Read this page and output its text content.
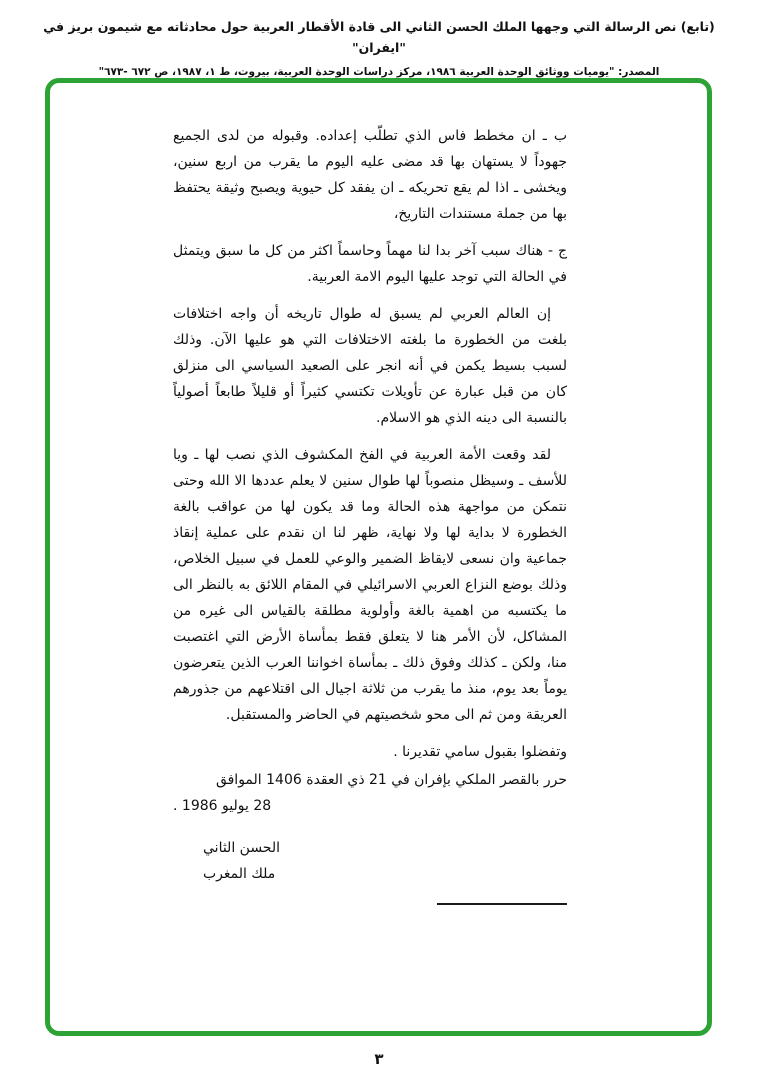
(تابع) نص الرسالة التي وجهها الملك الحسن الثاني الى قادة الأقطار العربية حول محادثاته مع شيمون بريز في "ايفران"
المصدر: "يوميات ووثائق الوحدة العربية ١٩٨٦، مركز دراسات الوحدة العربية، بيروت، ط ١، ١٩٨٧، ص ٦٧٢ -٦٧٣"

ب ـ ان مخطط فاس الذي تطلّب إعداده. وقبوله من لدى الجميع جهوداً لا يستهان بها قد مضى عليه اليوم ما يقرب من اربع سنين، ويخشى ـ اذا لم يقع تحريكه ـ ان يفقد كل حيوية ويصبح وثيقة يحتفظ بها من جملة مستندات التاريخ،

ج - هناك سبب آخر بدا لنا مهماً وحاسماً اكثر من كل ما سبق ويتمثل في الحالة التي توجد عليها اليوم الامة العربية.

إن العالم العربي لم يسبق له طوال تاريخه أن واجه اختلافات بلغت من الخطورة ما بلغته الاختلافات التي هو عليها الآن. وذلك لسبب بسيط يكمن في أنه انجر على الصعيد السياسي الى منزلق كان من قبل عبارة عن تأويلات تكتسي كثيراً أو قليلاً طابعاً أصولياً بالنسبة الى دينه الذي هو الاسلام.

لقد وقعت الأمة العربية في الفخ المكشوف الذي نصب لها ـ ويا للأسف ـ وسيظل منصوباً لها طوال سنين لا يعلم عددها الا الله وحتى نتمكن من مواجهة هذه الحالة وما قد يكون لها من عواقب بالغة الخطورة لا بداية لها ولا نهاية، ظهر لنا ان نقدم على عملية إنقاذ جماعية وان نسعى لايقاظ الضمير والوعي للعمل في سبيل الخلاص، وذلك بوضع النزاع العربي الاسرائيلي في المقام اللائق به بالنظر الى ما يكتسبه من اهمية بالغة وأولوية مطلقة بالقياس الى غيره من المشاكل، لأن الأمر هنا لا يتعلق فقط بمأساة الأرض التي اغتصبت منا، ولكن ـ كذلك وفوق ذلك ـ بمأساة اخواننا العرب الذين يتعرضون يوماً بعد يوم، منذ ما يقرب من ثلاثة اجيال الى اقتلاعهم من جذورهم العريقة ومن ثم الى محو شخصيتهم في الحاضر والمستقبل.

وتفضلوا بقبول سامي تقديرنا .

حرر بالقصر الملكي بإفران في 21 ذي العقدة 1406 الموافق

28 يوليو 1986 .

الحسن الثاني
ملك المغرب
٣
